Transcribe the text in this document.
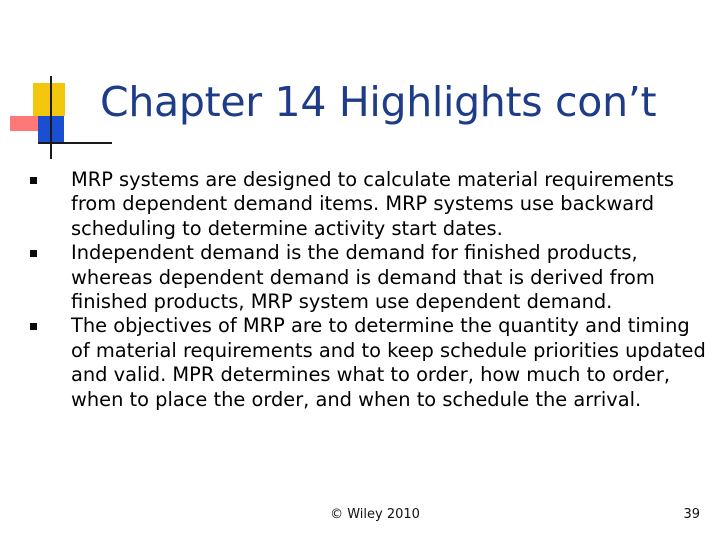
Chapter 14 Highlights con’t
MRP systems are designed to calculate material requirements from dependent demand items. MRP systems use backward scheduling to determine activity start dates.
Independent demand is the demand for finished products, whereas dependent demand is demand that is derived from finished products, MRP system use dependent demand.
The objectives of MRP are to determine the quantity and timing of material requirements and to keep schedule priorities updated and valid. MPR determines what to order, how much to order, when to place the order, and when to schedule the arrival.
© Wiley 2010	39
